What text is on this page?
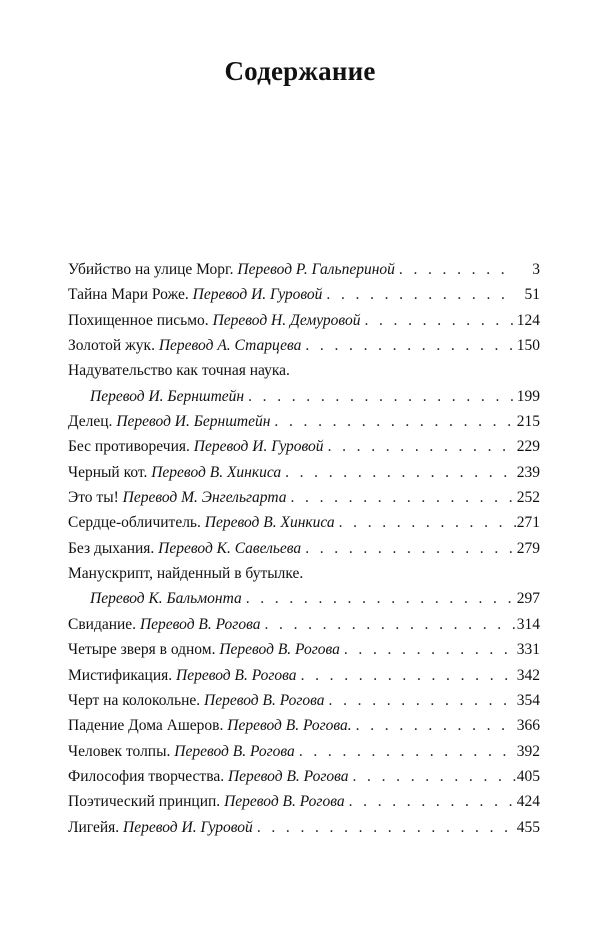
Содержание
Убийство на улице Морг.
Перевод Р. Гальпериной . . .	3
Тайна Мари Роже.
Перевод И. Гуровой . . .	51
Похищенное письмо.
Перевод Н. Демуровой . . .	124
Золотой жук.
Перевод А. Старцева . . .	150
Надувательство как точная наука.
Перевод И. Бернштейн . . .	199
Делец.
Перевод И. Бернштейн . . .	215
Бес противоречия.
Перевод И. Гуровой . . .	229
Черный кот.
Перевод В. Хинкиса . . .	239
Это ты!
Перевод М. Энгельгарта . . .	252
Сердце-обличитель.
Перевод В. Хинкиса . . .	271
Без дыхания.
Перевод К. Савельева . . .	279
Манускрипт, найденный в бутылке.
Перевод К. Бальмонта . . .	297
Свидание.
Перевод В. Рогова . . .	314
Четыре зверя в одном.
Перевод В. Рогова . . .	331
Мистификация.
Перевод В. Рогова . . .	342
Черт на колокольне.
Перевод В. Рогова . . .	354
Падение Дома Ашеров.
Перевод В. Рогова. . . .	366
Человек толпы.
Перевод В. Рогова . . .	392
Философия творчества.
Перевод В. Рогова . . .	405
Поэтический принцип.
Перевод В. Рогова . . .	424
Лигейя.
Перевод И. Гуровой . . .	455
